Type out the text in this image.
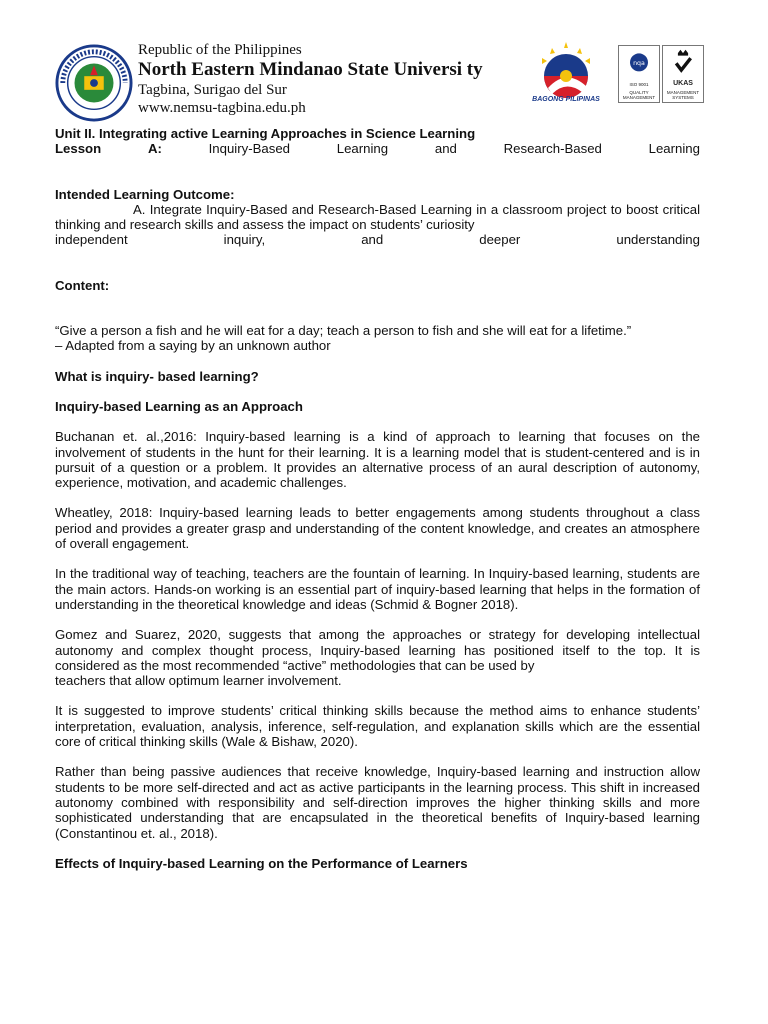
Republic of the Philippines
North Eastern Mindanao State Universi ty
Tagbina, Surigao del Sur
www.nemsu-tagbina.edu.ph
BAGONG PILIPINAS
nqa
ISO 9001
QUALITY MANAGEMENT
UKAS
MANAGEMENT SYSTEMS

Unit II. Integrating active Learning Approaches in Science Learning

Lesson	A:	Inquiry-Based	Learning	and	Research-Based	Learning

Intended Learning Outcome:

A. Integrate Inquiry-Based and Research-Based Learning in a classroom project to boost critical thinking and research skills and assess the impact on students’ curiosity

independent	inquiry,	and	deeper	understanding

Content:

“Give a person a fish and he will eat for a day; teach a person to fish and she will eat for a lifetime.”

– Adapted from a saying by an unknown author

What is inquiry- based learning?

Inquiry-based Learning as an Approach

Buchanan et. al.,2016: Inquiry-based learning is a kind of approach to learning that focuses on the involvement of students in the hunt for their learning. It is a learning model that is student-centered and is in pursuit of a question or a problem. It provides an alternative process of an aural description of autonomy, experience, motivation, and academic challenges.

Wheatley, 2018: Inquiry-based learning leads to better engagements among students throughout a class period and provides a greater grasp and understanding of the content knowledge, and creates an atmosphere of overall engagement.

In the traditional way of teaching, teachers are the fountain of learning. In Inquiry-based learning, students are the main actors. Hands-on working is an essential part of inquiry-based learning that helps in the formation of understanding in the theoretical knowledge and ideas (Schmid & Bogner 2018).

Gomez and Suarez, 2020, suggests that among the approaches or strategy for developing intellectual autonomy and complex thought process, Inquiry-based learning has positioned itself to the top. It is considered as the most recommended “active” methodologies that can be used by

teachers that allow optimum learner involvement.

It is suggested to improve students’ critical thinking skills because the method aims to enhance students’ interpretation, evaluation, analysis, inference, self-regulation, and explanation skills which are the essential core of critical thinking skills (Wale & Bishaw, 2020).

Rather than being passive audiences that receive knowledge, Inquiry-based learning and instruction allow students to be more self-directed and act as active participants in the learning process. This shift in increased autonomy combined with responsibility and self-direction improves the higher thinking skills and more sophisticated understanding that are encapsulated in the theoretical benefits of Inquiry-based learning (Constantinou et. al., 2018).

Effects of Inquiry-based Learning on the Performance of Learners
